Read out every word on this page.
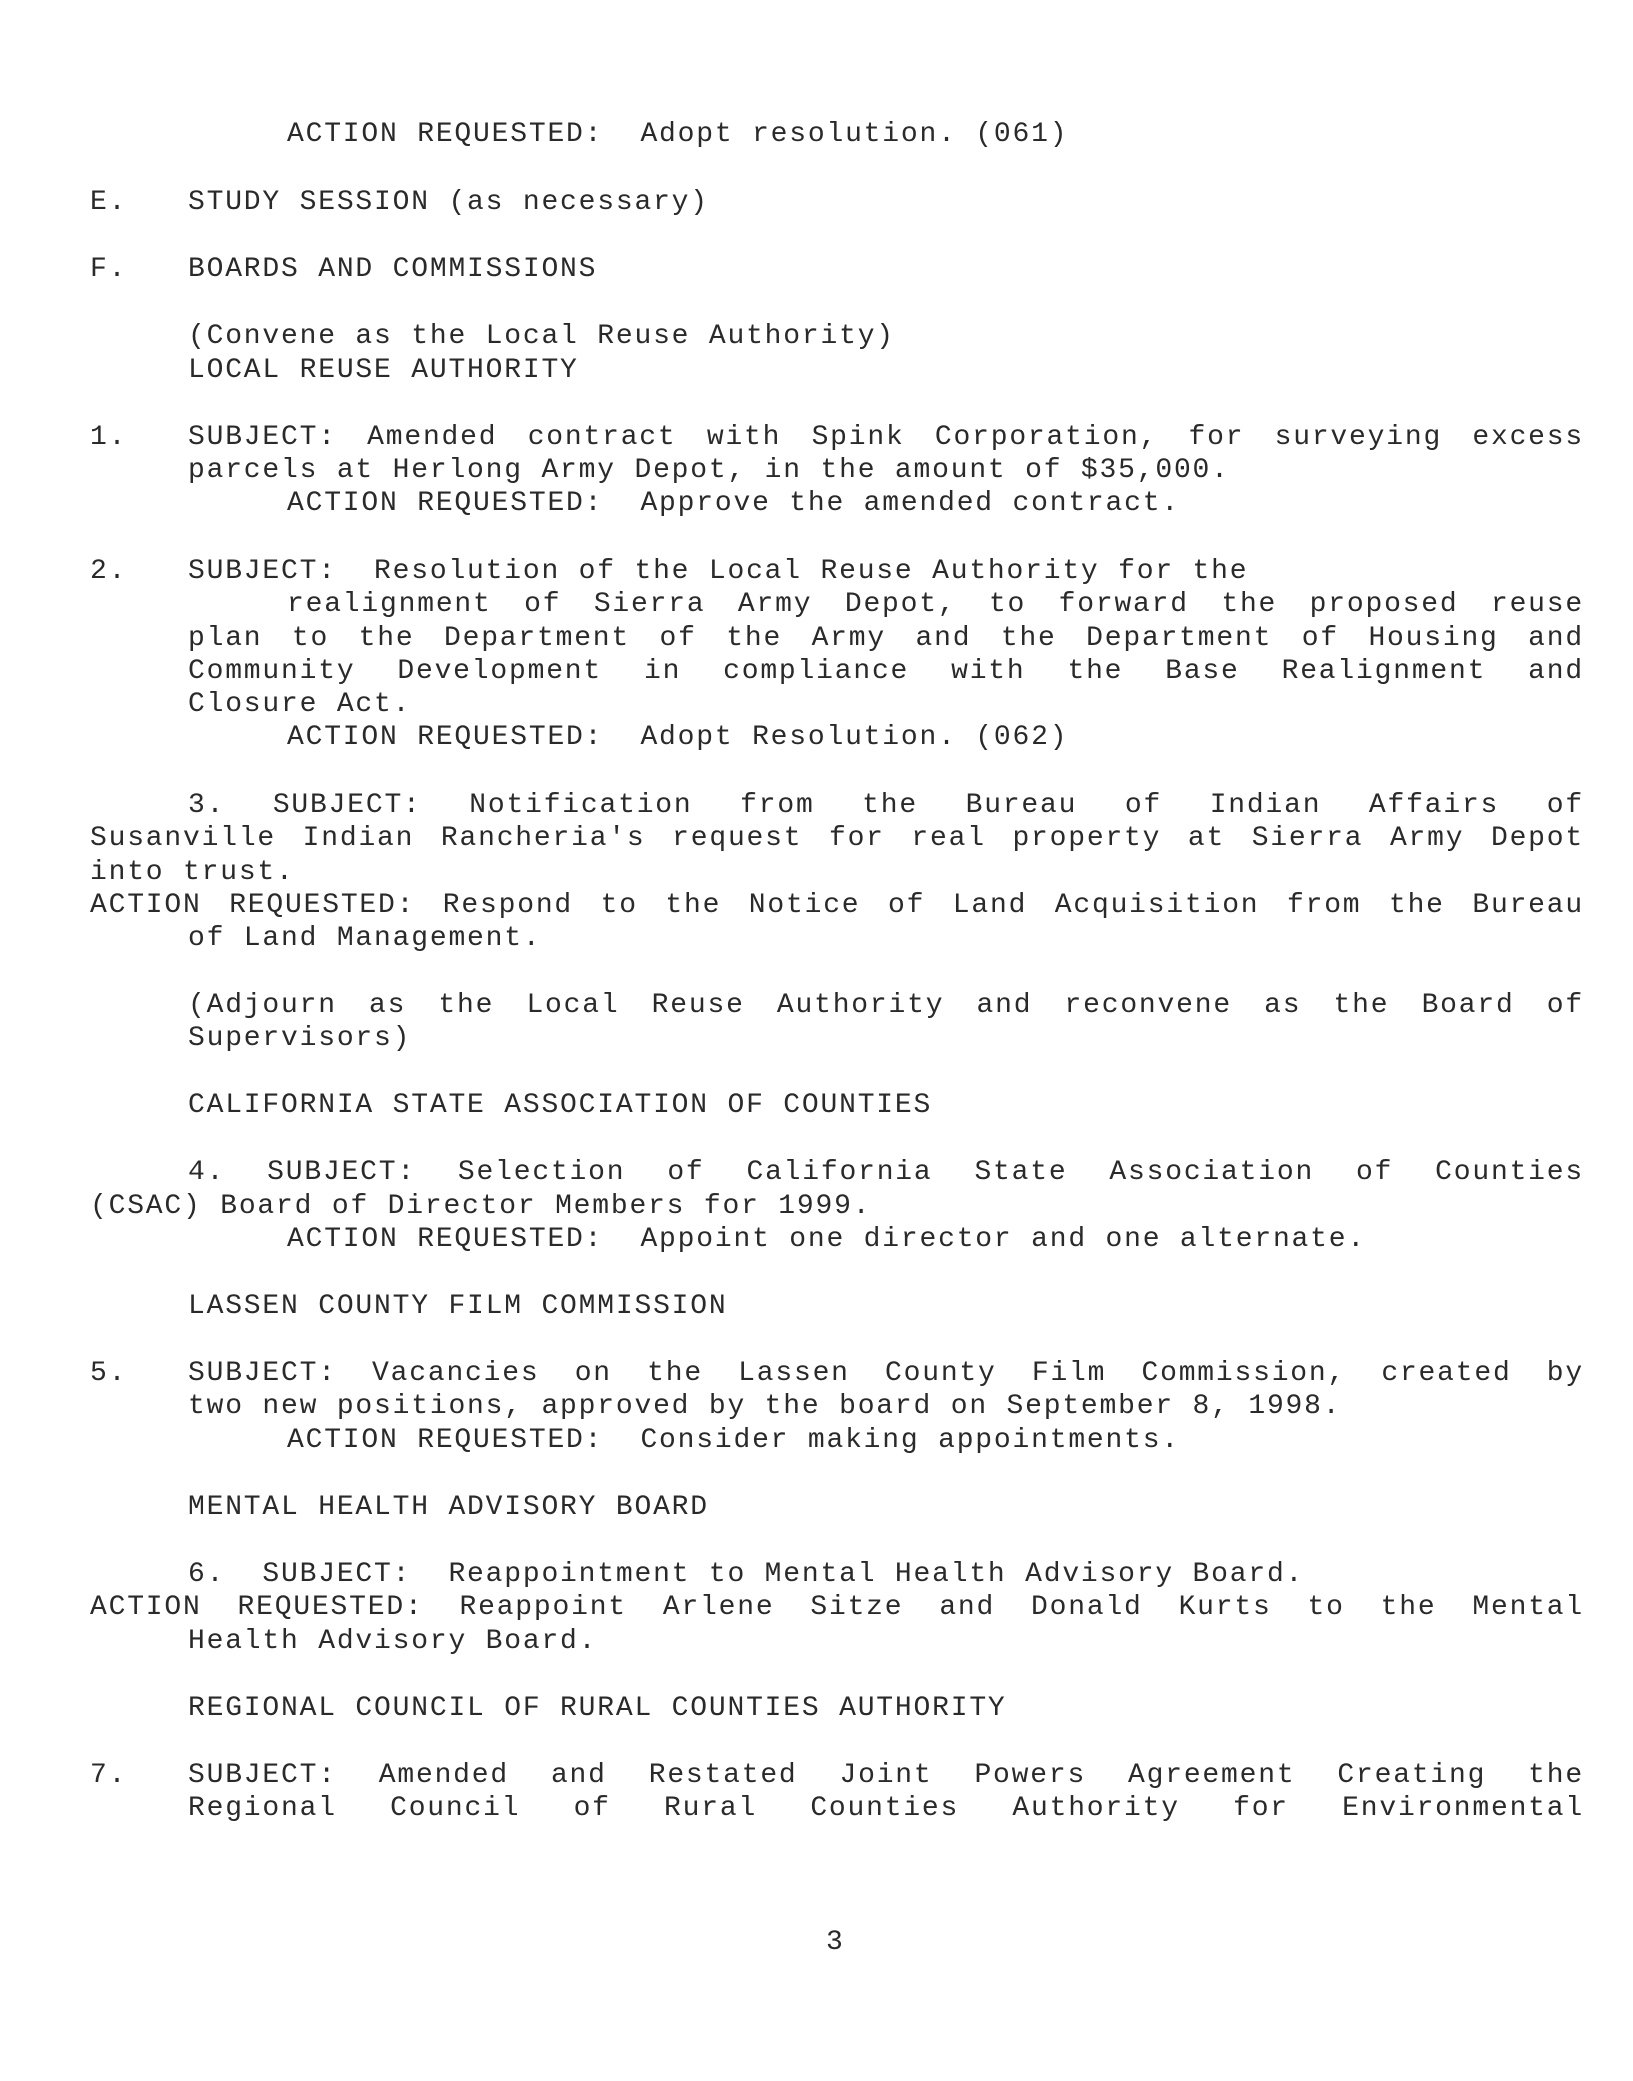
ACTION REQUESTED:  Adopt resolution. (061)
E. STUDY SESSION (as necessary)
F. BOARDS AND COMMISSIONS
(Convene as the Local Reuse Authority)
LOCAL REUSE AUTHORITY
1. SUBJECT: Amended contract with Spink Corporation, for surveying excess
parcels at Herlong Army Depot, in the amount of $35,000.
ACTION REQUESTED:  Approve the amended contract.
2. SUBJECT:  Resolution of the Local Reuse Authority for the
realignment of Sierra Army Depot, to forward the proposed reuse
plan to the Department of the Army and the Department of Housing and
Community Development in compliance with the Base Realignment and
Closure Act.
ACTION REQUESTED:  Adopt Resolution. (062)
3. SUBJECT: Notification from the Bureau of Indian Affairs of
Susanville Indian Rancheria's request for real property at Sierra Army Depot
into trust.
ACTION REQUESTED: Respond to the Notice of Land Acquisition from the Bureau
of Land Management.
(Adjourn as the Local Reuse Authority and reconvene as the Board of
Supervisors)
CALIFORNIA STATE ASSOCIATION OF COUNTIES
4. SUBJECT: Selection of California State Association of Counties
(CSAC) Board of Director Members for 1999.
ACTION REQUESTED:  Appoint one director and one alternate.
LASSEN COUNTY FILM COMMISSION
5. SUBJECT: Vacancies on the Lassen County Film Commission, created by
two new positions, approved by the board on September 8, 1998.
ACTION REQUESTED:  Consider making appointments.
MENTAL HEALTH ADVISORY BOARD
6.  SUBJECT:  Reappointment to Mental Health Advisory Board.
ACTION REQUESTED: Reappoint Arlene Sitze and Donald Kurts to the Mental
Health Advisory Board.
REGIONAL COUNCIL OF RURAL COUNTIES AUTHORITY
7. SUBJECT: Amended and Restated Joint Powers Agreement Creating the
Regional Council of Rural Counties Authority for Environmental
3
